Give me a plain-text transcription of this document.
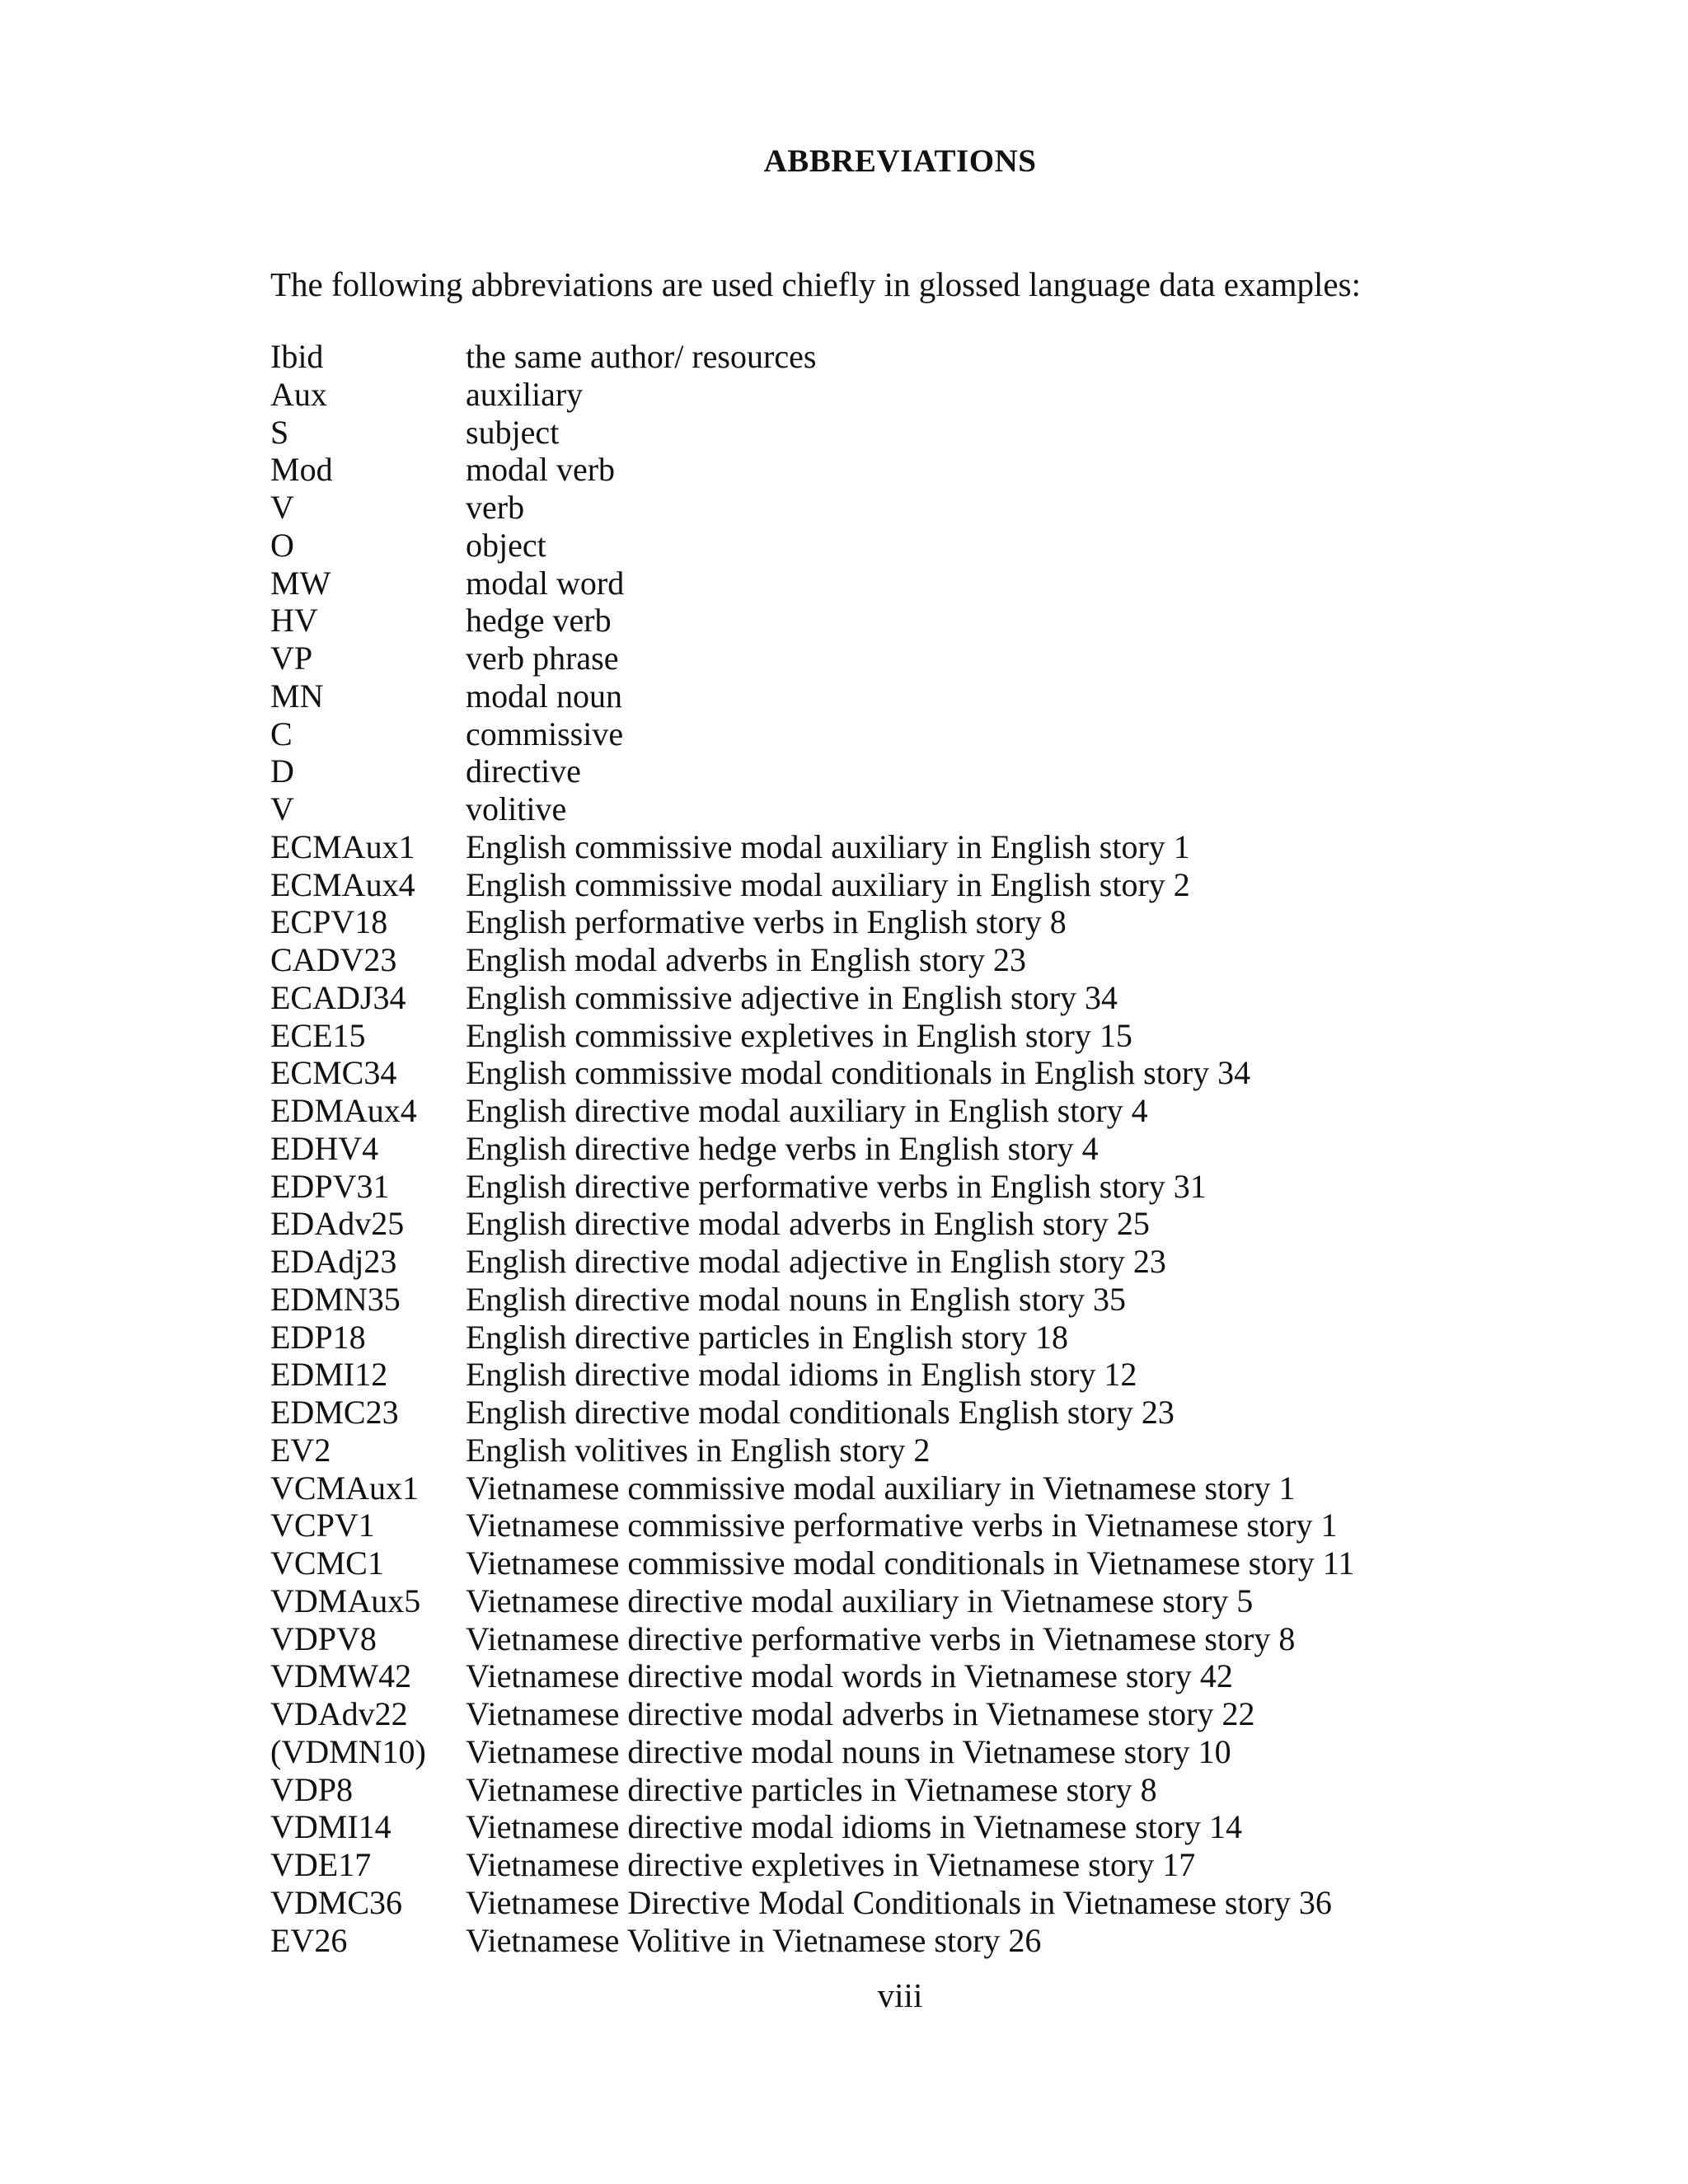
ABBREVIATIONS
The following abbreviations are used chiefly in glossed language data examples:
Ibid	the same author/ resources
Aux	auxiliary
S	subject
Mod	modal verb
V	verb
O	object
MW	modal word
HV	hedge verb
VP	verb phrase
MN	modal noun
C	commissive
D	directive
V	volitive
ECMAux1	English commissive modal auxiliary in English story 1
ECMAux4	English commissive modal auxiliary in English story 2
ECPV18	English performative verbs in English story 8
CADV23	English modal adverbs in English story 23
ECADJ34	English commissive adjective in English story 34
ECE15	English commissive expletives in English story 15
ECMC34	English commissive modal conditionals in English story 34
EDMAux4	English directive modal auxiliary in English story 4
EDHV4	English directive hedge verbs in English story 4
EDPV31	English directive performative verbs in English story 31
EDAdv25	English directive modal adverbs in English story 25
EDAdj23	English directive modal adjective in English story 23
EDMN35	English directive modal nouns in English story 35
EDP18	English directive particles in English story 18
EDMI12	English directive modal idioms in English story 12
EDMC23	English directive modal conditionals English story 23
EV2	English volitives in English story 2
VCMAux1	Vietnamese commissive modal auxiliary in Vietnamese story 1
VCPV1	Vietnamese commissive performative verbs in Vietnamese story 1
VCMC1	Vietnamese commissive modal conditionals in Vietnamese story 11
VDMAux5	Vietnamese directive modal auxiliary in Vietnamese story 5
VDPV8	Vietnamese directive performative verbs in Vietnamese story 8
VDMW42	Vietnamese directive modal words in Vietnamese story 42
VDAdv22	Vietnamese directive modal adverbs in Vietnamese story 22
(VDMN10)	Vietnamese directive modal nouns in Vietnamese story 10
VDP8	Vietnamese directive particles in Vietnamese story 8
VDMI14	Vietnamese directive modal idioms in Vietnamese story 14
VDE17	Vietnamese directive expletives in Vietnamese story 17
VDMC36	Vietnamese Directive Modal Conditionals in Vietnamese story 36
EV26	Vietnamese Volitive in Vietnamese story 26
viii
